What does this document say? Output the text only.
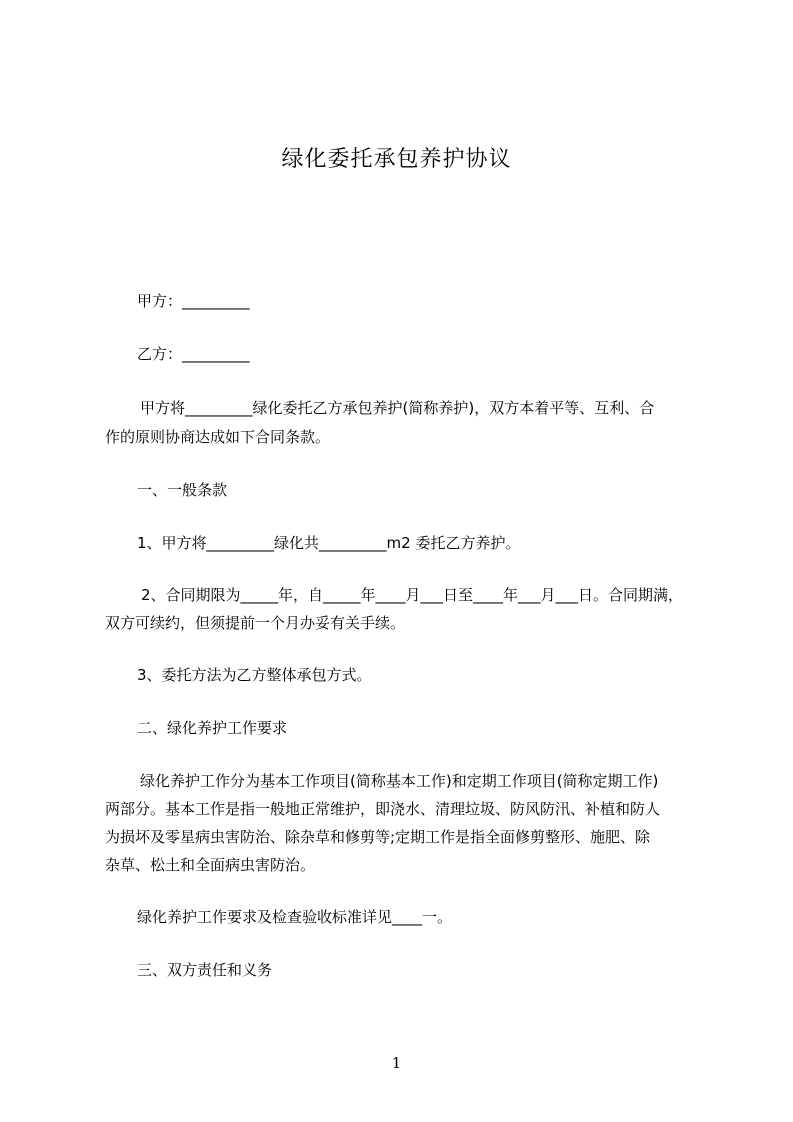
绿化委托承包养护协议
甲方：_________
乙方：_________
甲方将_________绿化委托乙方承包养护(简称养护)，双方本着平等、互利、合
作的原则协商达成如下合同条款。
一、一般条款
1、甲方将_________绿化共_________m2 委托乙方养护。
2、合同期限为_____年，自_____年____月___日至____年___月___日。合同期满，
双方可续约，但须提前一个月办妥有关手续。
3、委托方法为乙方整体承包方式。
二、绿化养护工作要求
绿化养护工作分为基本工作项目(简称基本工作)和定期工作项目(简称定期工作)
两部分。基本工作是指一般地正常维护，即浇水、清理垃圾、防风防汛、补植和防人
为损坏及零星病虫害防治、除杂草和修剪等;定期工作是指全面修剪整形、施肥、除
杂草、松土和全面病虫害防治。
绿化养护工作要求及检查验收标准详见____一。
三、双方责任和义务
1
